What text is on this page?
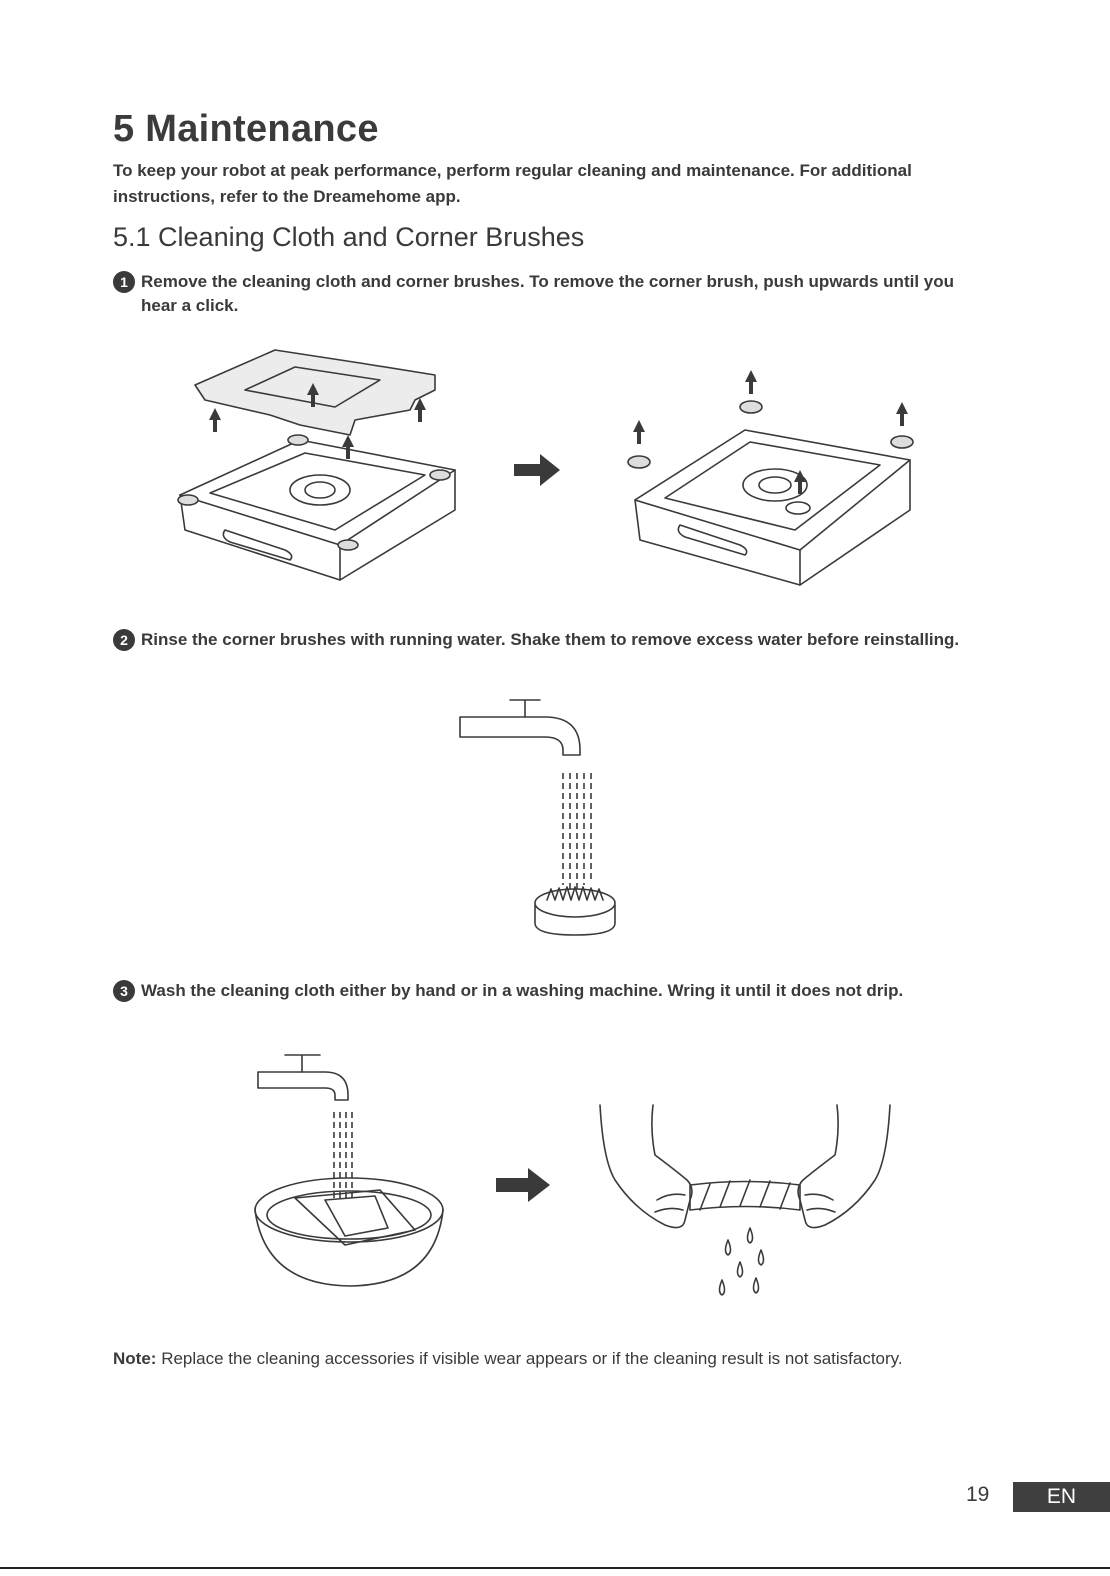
5 Maintenance
To keep your robot at peak performance, perform regular cleaning and maintenance. For additional instructions, refer to the Dreamehome app.
5.1 Cleaning Cloth and Corner Brushes
1 Remove the cleaning cloth and corner brushes. To remove the corner brush, push upwards until you hear a click.
2 Rinse the corner brushes with running water. Shake them to remove excess water before reinstalling.
3 Wash the cleaning cloth either by hand or in a washing machine. Wring it until it does not drip.
Note: Replace the cleaning accessories if visible wear appears or if the cleaning result is not satisfactory.
19	EN
